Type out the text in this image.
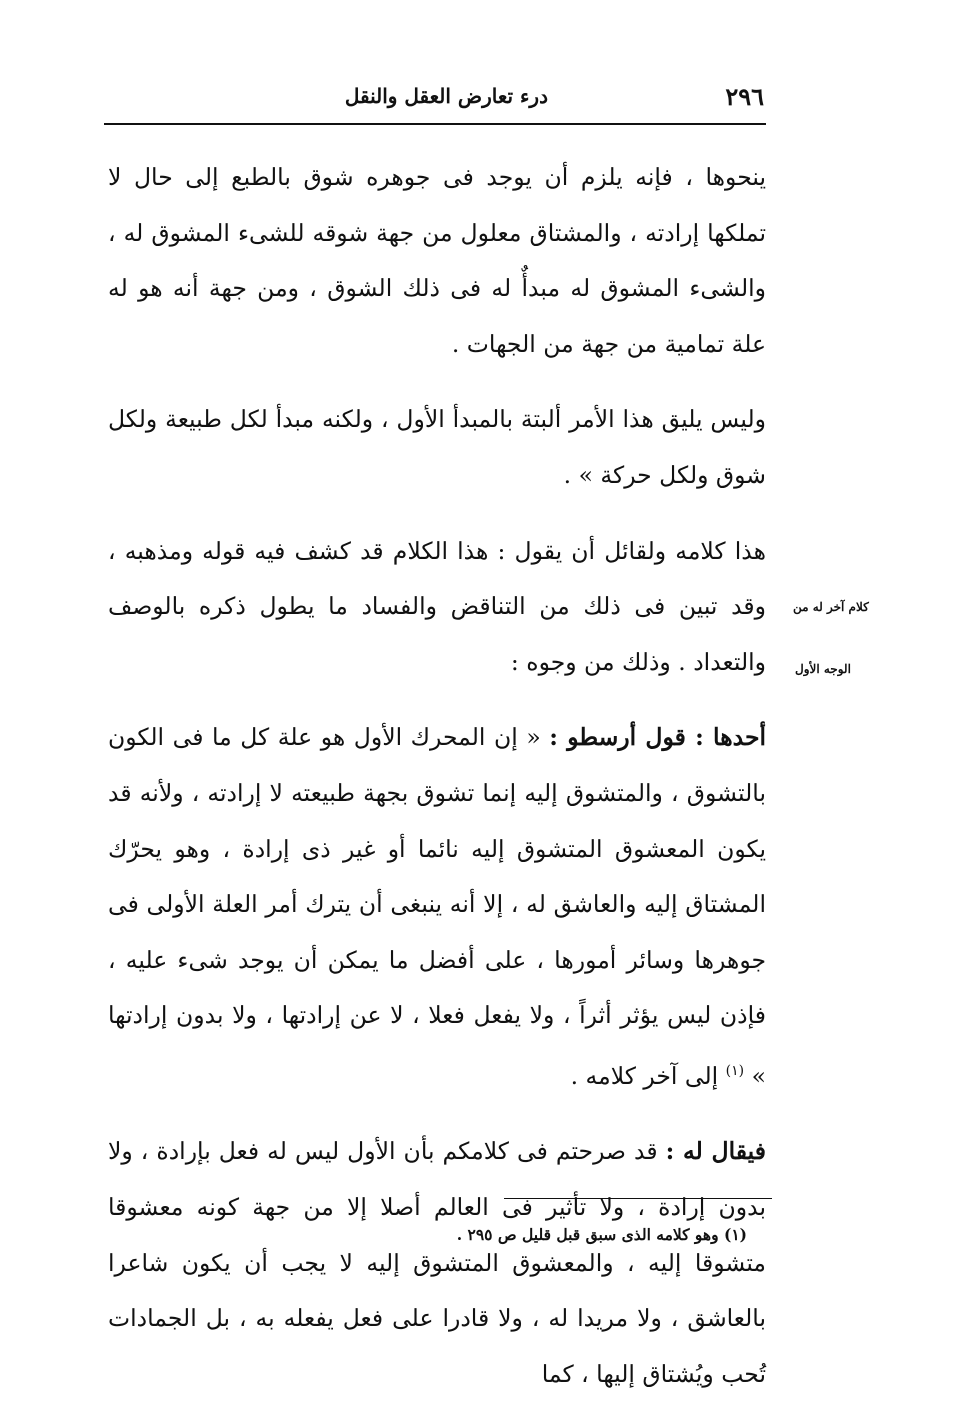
٢٩٦
درء تعارض العقل والنقل

ينحوها ، فإنه يلزم أن يوجد فى جوهره شوق بالطبع إلى حال لا تملكها إرادته ، والمشتاق معلول من جهة شوقه للشىء المشوق له ، والشىء المشوق له مبدأٌ له فى ذلك الشوق ، ومن جهة أنه هو له علة تمامية من جهة من الجهات .

وليس يليق هذا الأمر ألبتة بالمبدأ الأول ، ولكنه مبدأ لكل طبيعة ولكل شوق ولكل حركة » .

هذا كلامه ولقائل أن يقول : هذا الكلام قد كشف فيه قوله ومذهبه ، وقد تبين فى ذلك من التناقض والفساد ما يطول ذكره بالوصف والتعداد . وذلك من وجوه :

أحدها : قول أرسطو : « إن المحرك الأول هو علة كل ما فى الكون بالتشوق ، والمتشوق إليه إنما تشوق بجهة طبيعته لا إرادته ، ولأنه قد يكون المعشوق المتشوق إليه نائما أو غير ذى إرادة ، وهو يحرّك المشتاق إليه والعاشق له ، إلا أنه ينبغى أن يترك أمر العلة الأولى فى جوهرها وسائر أمورها ، على أفضل ما يمكن أن يوجد شىء عليه ، فإذن ليس يؤثر أثراً ، ولا يفعل فعلا ، لا عن إرادتها ، ولا بدون إرادتها » $^{(١)}$ إلى آخر كلامه .

فيقال له : قد صرحتم فى كلامكم بأن الأول ليس له فعل بإرادة ، ولا بدون إرادة ، ولا تأثير فى العالم أصلا إلا من جهة كونه معشوقا متشوقا إليه ، والمعشوق المتشوق إليه لا يجب أن يكون شاعرا بالعاشق ، ولا مريدا له ، ولا قادرا على فعل يفعله به ، بل الجمادات تُحب ويُشتاق إليها ، كما

كلام آخر له من
الوجه الأول
(١) وهو كلامه الذى سبق قبل قليل ص ٢٩٥ .
